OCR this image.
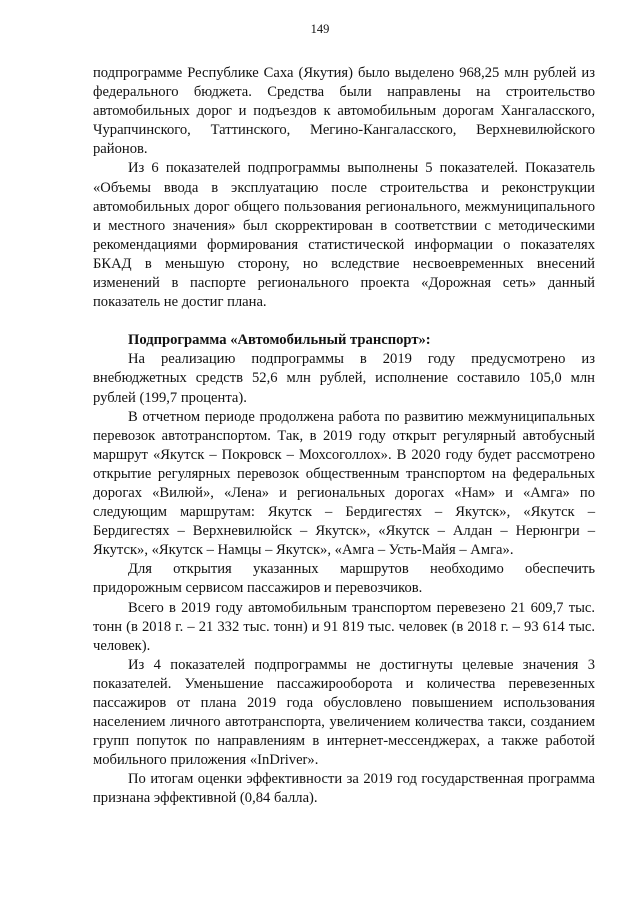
149

подпрограмме Республике Саха (Якутия) было выделено 968,25 млн рублей из федерального бюджета. Средства были направлены на строительство автомобильных дорог и подъездов к автомобильным дорогам Хангаласского, Чурапчинского, Таттинского, Мегино-Кангаласского, Верхневилюйского районов.

Из 6 показателей подпрограммы выполнены 5 показателей. Показатель «Объемы ввода в эксплуатацию после строительства и реконструкции автомобильных дорог общего пользования регионального, межмуниципального и местного значения» был скорректирован в соответствии с методическими рекомендациями формирования статистической информации о показателях БКАД в меньшую сторону, но вследствие несвоевременных внесений изменений в паспорте регионального проекта «Дорожная сеть» данный показатель не достиг плана.

Подпрограмма «Автомобильный транспорт»:

На реализацию подпрограммы в 2019 году предусмотрено из внебюджетных средств 52,6 млн рублей, исполнение составило 105,0 млн рублей (199,7 процента).

В отчетном периоде продолжена работа по развитию межмуниципальных перевозок автотранспортом. Так, в 2019 году открыт регулярный автобусный маршрут «Якутск – Покровск – Мохсоголлох». В 2020 году будет рассмотрено открытие регулярных перевозок общественным транспортом на федеральных дорогах «Вилюй», «Лена» и региональных дорогах «Нам» и «Амга» по следующим маршрутам: Якутск – Бердигестях – Якутск», «Якутск – Бердигестях – Верхневилюйск – Якутск», «Якутск – Алдан – Нерюнгри – Якутск», «Якутск – Намцы – Якутск», «Амга – Усть-Майя – Амга».

Для открытия указанных маршрутов необходимо обеспечить придорожным сервисом пассажиров и перевозчиков.

Всего в 2019 году автомобильным транспортом перевезено 21 609,7 тыс. тонн (в 2018 г. – 21 332 тыс. тонн) и 91 819 тыс. человек (в 2018 г. – 93 614 тыс. человек).

Из 4 показателей подпрограммы не достигнуты целевые значения 3 показателей. Уменьшение пассажирооборота и количества перевезенных пассажиров от плана 2019 года обусловлено повышением использования населением личного автотранспорта, увеличением количества такси, созданием групп попуток по направлениям в интернет-мессенджерах, а также работой мобильного приложения «InDriver».

По итогам оценки эффективности за 2019 год государственная программа признана эффективной (0,84 балла).
